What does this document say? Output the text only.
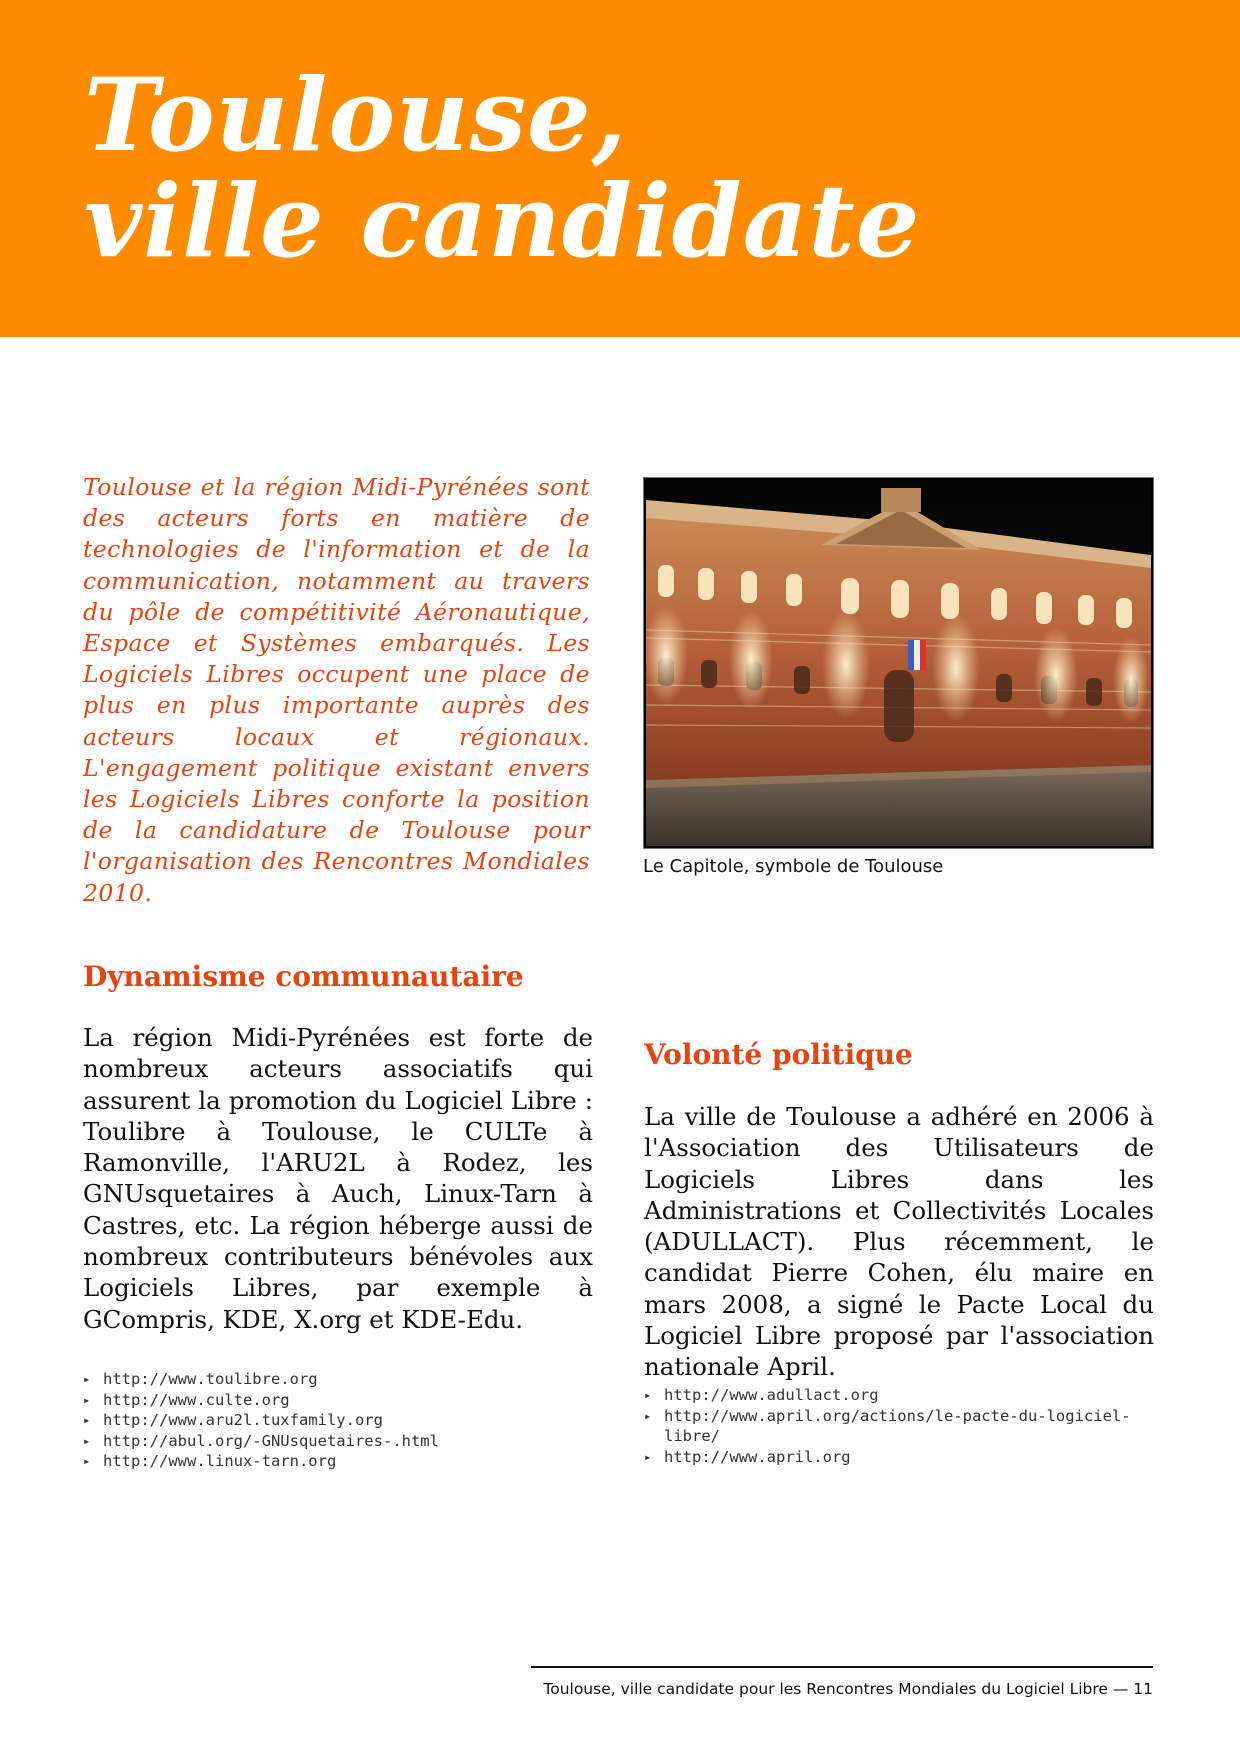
Toulouse,
ville candidate

Toulouse et la région Midi-Pyrénées sont des acteurs forts en matière de technologies de l'information et de la communication, notamment au travers du pôle de compétitivité Aéronautique, Espace et Systèmes embarqués. Les Logiciels Libres occupent une place de plus en plus importante auprès des acteurs locaux et régionaux. L'engagement politique existant envers les Logiciels Libres conforte la position de la candidature de Toulouse pour l'organisation des Rencontres Mondiales 2010.

Le Capitole, symbole de Toulouse
Dynamisme communautaire

La région Midi-Pyrénées est forte de nombreux acteurs associatifs qui assurent la promotion du Logiciel Libre : Toulibre à Toulouse, le CULTe à Ramonville, l'ARU2L à Rodez, les GNUsquetaires à Auch, Linux-Tarn à Castres, etc. La région héberge aussi de nombreux contributeurs bénévoles aux Logiciels Libres, par exemple à GCompris, KDE, X.org et KDE-Edu.

▸ http://www.toulibre.org
▸ http://www.culte.org
▸ http://www.aru2l.tuxfamily.org
▸ http://abul.org/-GNUsquetaires-.html
▸ http://www.linux-tarn.org
Volonté politique

La ville de Toulouse a adhéré en 2006 à l'Association des Utilisateurs de Logiciels Libres dans les Administrations et Collectivités Locales (ADULLACT). Plus récemment, le candidat Pierre Cohen, élu maire en mars 2008, a signé le Pacte Local du Logiciel Libre proposé par l'association nationale April.

▸ http://www.adullact.org
▸ http://www.april.org/actions/le-pacte-du-logiciel-libre/
▸ http://www.april.org
Toulouse, ville candidate pour les Rencontres Mondiales du Logiciel Libre — 11
